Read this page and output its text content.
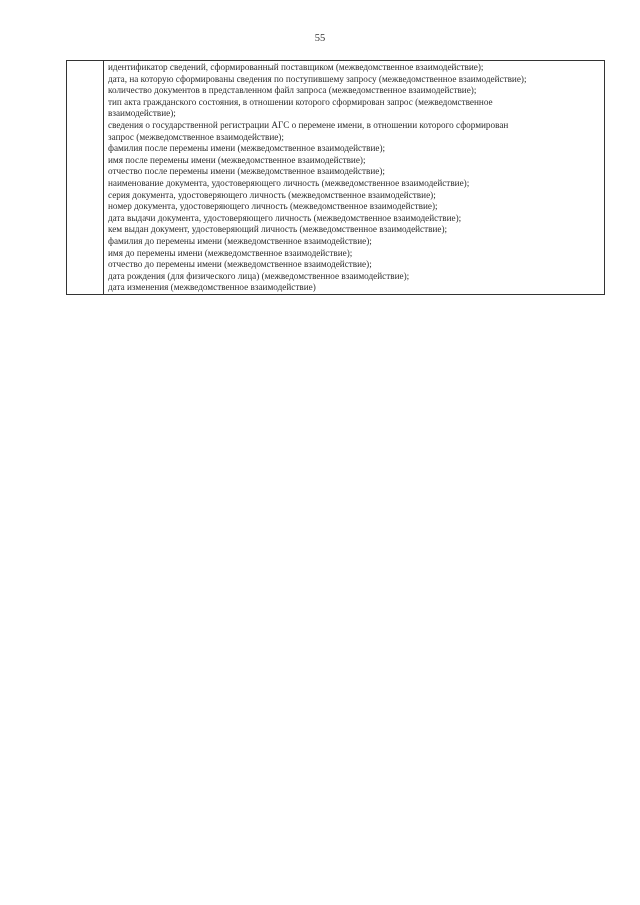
55

идентификатор сведений, сформированный поставщиком (межведомственное взаимодействие);
дата, на которую сформированы сведения по поступившему запросу (межведомственное взаимодействие);
количество документов в представленном файл запроса (межведомственное взаимодействие);
тип акта гражданского состояния, в отношении которого сформирован запрос (межведомственное
взаимодействие);
сведения о государственной регистрации АГС о перемене имени, в отношении которого сформирован
запрос (межведомственное взаимодействие);
фамилия после перемены имени (межведомственное взаимодействие);
имя после перемены имени (межведомственное взаимодействие);
отчество после перемены имени (межведомственное взаимодействие);
наименование документа, удостоверяющего личность (межведомственное взаимодействие);
серия документа, удостоверяющего личность (межведомственное взаимодействие);
номер документа, удостоверяющего личность (межведомственное взаимодействие);
дата выдачи документа, удостоверяющего личность (межведомственное взаимодействие);
кем выдан документ, удостоверяющий личность (межведомственное взаимодействие);
фамилия до перемены имени (межведомственное взаимодействие);
имя до перемены имени (межведомственное взаимодействие);
отчество до перемены имени (межведомственное взаимодействие);
дата рождения (для физического лица) (межведомственное взаимодействие);
дата изменения (межведомственное взаимодействие)
